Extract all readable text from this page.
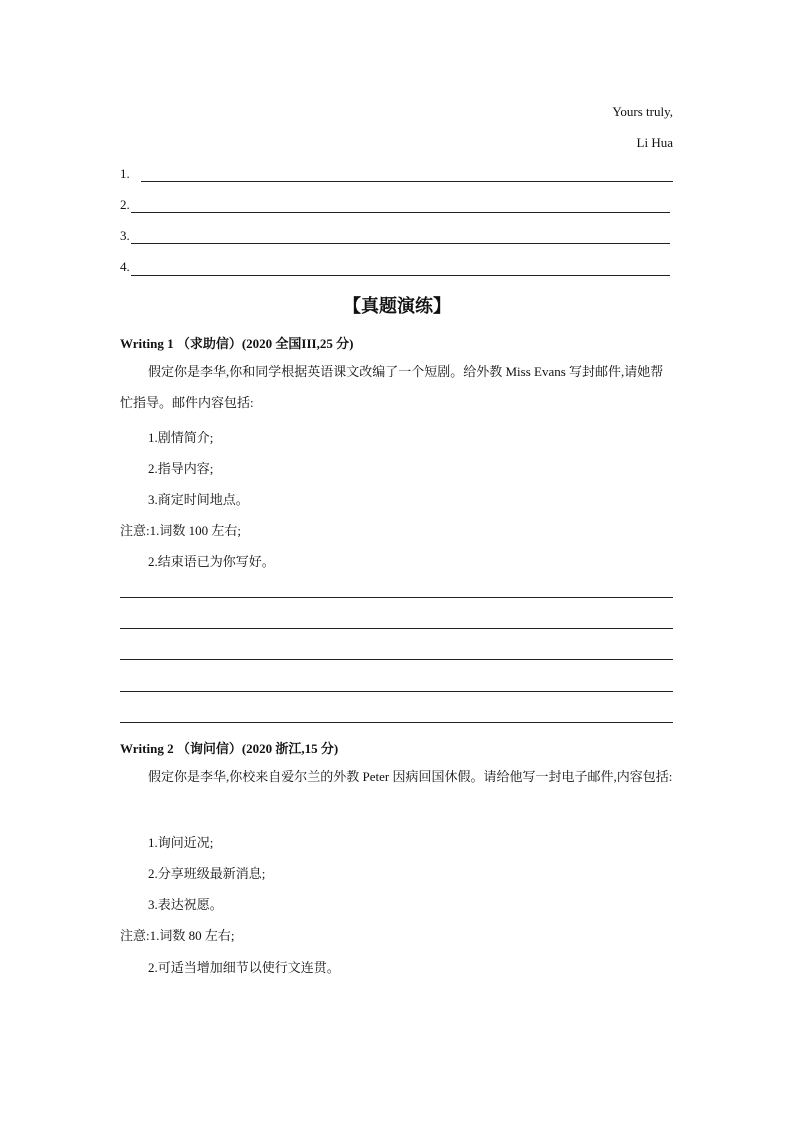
Yours truly,
Li Hua
1.
2.
3.
4.
【真题演练】
Writing 1 （求助信）(2020 全国III,25 分)
假定你是李华,你和同学根据英语课文改编了一个短剧。给外教 Miss Evans 写封邮件,请她帮忙指导。邮件内容包括:
1.剧情简介;
2.指导内容;
3.商定时间地点。
注意:1.词数 100 左右;
2.结束语已为你写好。
Writing 2 （询问信）(2020 浙江,15 分)
假定你是李华,你校来自爱尔兰的外教 Peter 因病回国休假。请给他写一封电子邮件,内容包括:
1.询问近况;
2.分享班级最新消息;
3.表达祝愿。
注意:1.词数 80 左右;
2.可适当增加细节以使行文连贯。
